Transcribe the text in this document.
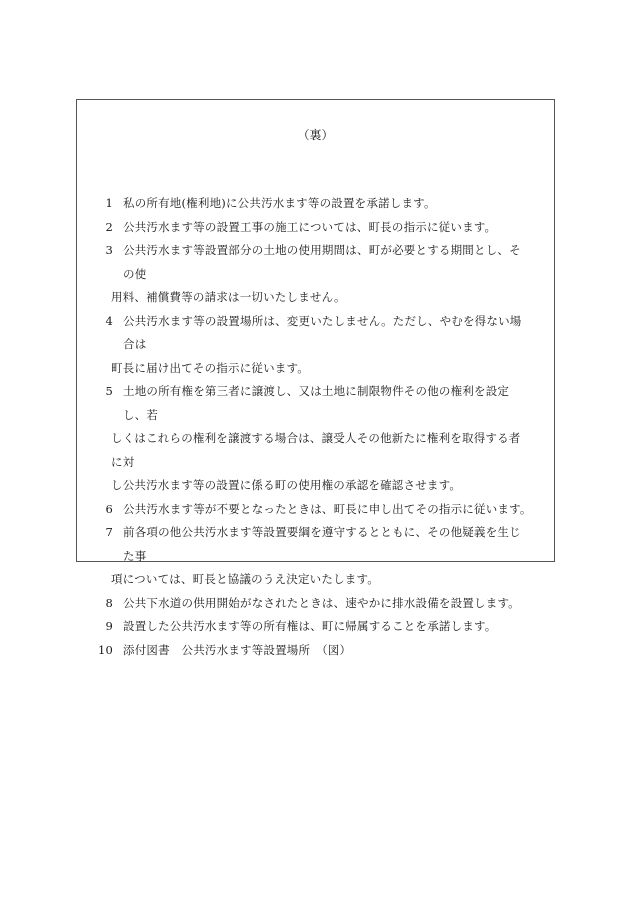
（裏）
1 私の所有地(権利地)に公共汚水ます等の設置を承諾します。
2 公共汚水ます等の設置工事の施工については、町長の指示に従います。
3 公共汚水ます等設置部分の土地の使用期間は、町が必要とする期間とし、その使
用料、補償費等の請求は一切いたしません。
4 公共汚水ます等の設置場所は、変更いたしません。ただし、やむを得ない場合は
町長に届け出てその指示に従います。
5 土地の所有権を第三者に譲渡し、又は土地に制限物件その他の権利を設定し、若
しくはこれらの権利を譲渡する場合は、譲受人その他新たに権利を取得する者に対
し公共汚水ます等の設置に係る町の使用権の承認を確認させます。
6 公共汚水ます等が不要となったときは、町長に申し出てその指示に従います。
7 前各項の他公共汚水ます等設置要綱を遵守するとともに、その他疑義を生じた事
項については、町長と協議のうえ決定いたします。
8 公共下水道の供用開始がなされたときは、速やかに排水設備を設置します。
9 設置した公共汚水ます等の所有権は、町に帰属することを承諾します。
10 添付図書　公共汚水ます等設置場所　（図）
